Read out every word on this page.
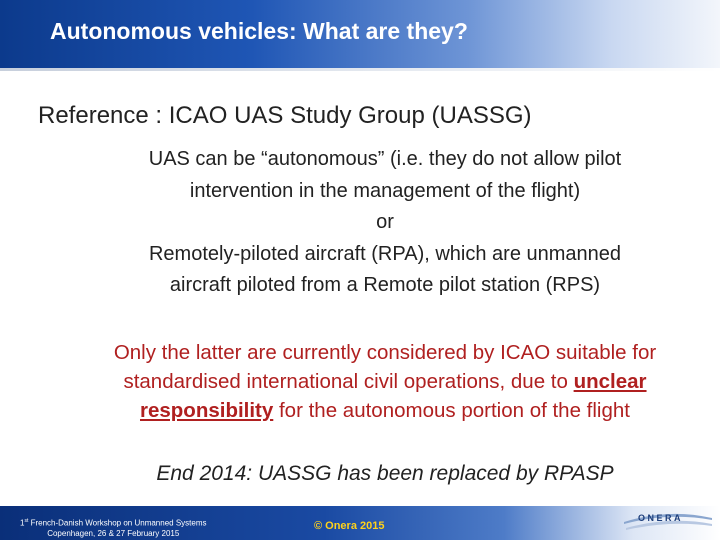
Autonomous vehicles: What are they?
Reference : ICAO UAS Study Group (UASSG)
UAS can be “autonomous” (i.e. they do not allow pilot
intervention in the management of the flight)
or
Remotely-piloted aircraft (RPA), which are unmanned
aircraft piloted from a Remote pilot station (RPS)
Only the latter are currently considered by ICAO suitable for
standardised international civil operations, due to unclear
responsibility for the autonomous portion of the flight
End 2014: UASSG has been replaced by RPASP
1st French-Danish Workshop on Unmanned Systems
Copenhagen, 26 & 27 February 2015
© Onera 2015
ONERA
